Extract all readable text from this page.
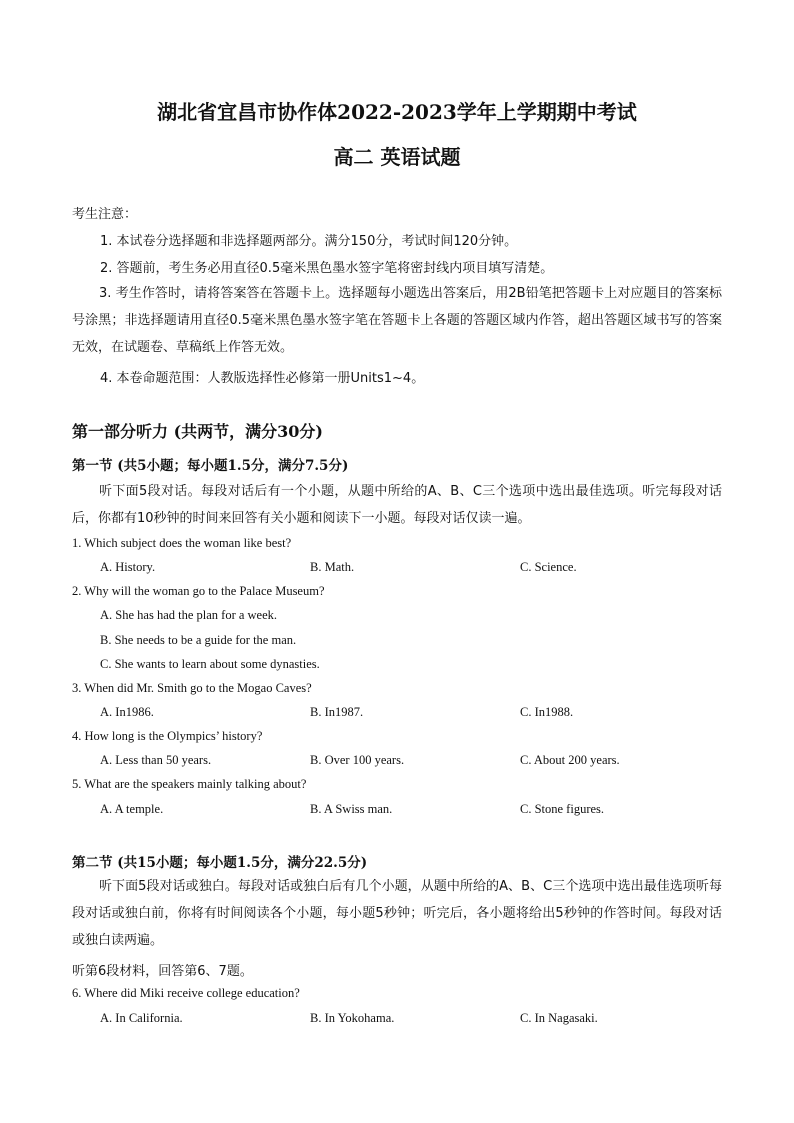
湖北省宜昌市协作体2022-2023学年上学期期中考试
高二 英语试题
考生注意：
1. 本试卷分选择题和非选择题两部分。满分150分，考试时间120分钟。
2. 答题前，考生务必用直径0.5毫米黑色墨水签字笔将密封线内项目填写清楚。
3. 考生作答时，请将答案答在答题卡上。选择题每小题选出答案后，用2B铅笔把答题卡上对应题目的答案标号涂黑；非选择题请用直径0.5毫米黑色墨水签字笔在答题卡上各题的答题区域内作答，超出答题区域书写的答案无效，在试题卷、草稿纸上作答无效。
4. 本卷命题范围：人教版选择性必修第一册Units1~4。
第一部分听力 (共两节，满分30分)
第一节 (共5小题；每小题1.5分，满分7.5分)
听下面5段对话。每段对话后有一个小题，从题中所给的A、B、C三个选项中选出最佳选项。听完每段对话后，你都有10秒钟的时间来回答有关小题和阅读下一小题。每段对话仅读一遍。
1. Which subject does the woman like best?
A. History.	B. Math.	C. Science.
2. Why will the woman go to the Palace Museum?
A. She has had the plan for a week.
B. She needs to be a guide for the man.
C. She wants to learn about some dynasties.
3. When did Mr. Smith go to the Mogao Caves?
A. In1986.	B. In1987.	C. In1988.
4. How long is the Olympics’ history?
A. Less than 50 years.	B. Over 100 years.	C. About 200 years.
5. What are the speakers mainly talking about?
A. A temple.	B. A Swiss man.	C. Stone figures.
第二节 (共15小题；每小题1.5分，满分22.5分)
听下面5段对话或独白。每段对话或独白后有几个小题，从题中所给的A、B、C三个选项中选出最佳选项听每段对话或独白前，你将有时间阅读各个小题，每小题5秒钟；听完后，各小题将给出5秒钟的作答时间。每段对话或独白读两遍。
听第6段材料，回答第6、7题。
6. Where did Miki receive college education?
A. In California.	B. In Yokohama.	C. In Nagasaki.
